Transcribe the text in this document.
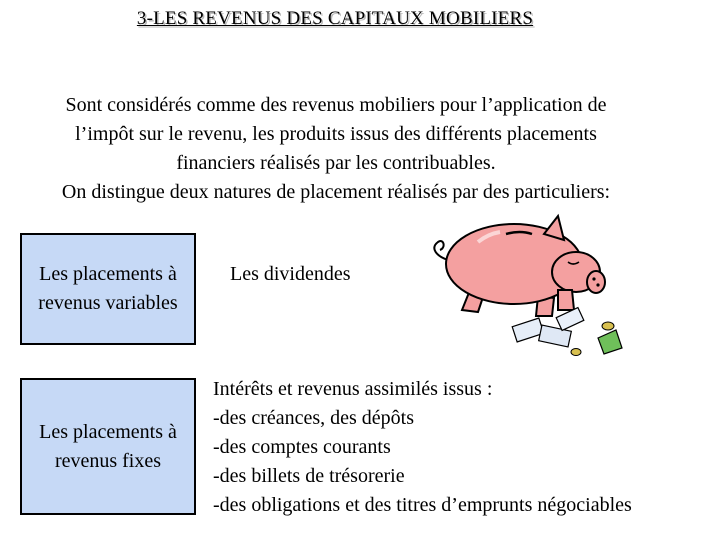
3-LES REVENUS DES CAPITAUX MOBILIERS
Sont considérés comme des revenus mobiliers pour l’application de
l’impôt sur le revenu, les produits issus des différents placements
financiers réalisés par les contribuables.
On distingue deux natures de placement réalisés par des particuliers:
Les placements à
revenus variables
Les dividendes
Les placements à
revenus fixes
Intérêts et revenus assimilés issus :
-des créances, des dépôts
-des comptes courants
-des billets de trésorerie
-des obligations et des titres d’emprunts négociables
